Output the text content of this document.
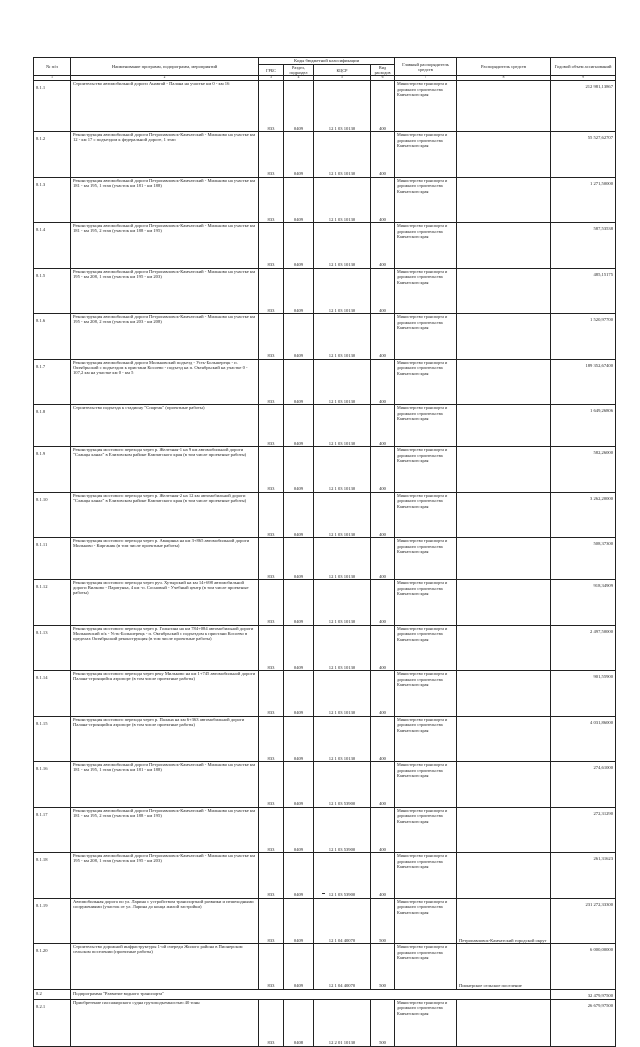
№ п/п	Наименование программ, подпрограмм, мероприятий	Коды бюджетной классификации				Главный распорядитель средств	Распорядитель средств	Годовой объем ассигнований
		ГРБС	Раздел, подраздел	КЦСР	Вид расходов			
1	2	3	4	5	6	7	8	9
8.1.1	Строительство автомобильной дороги Анавгай - Палана на участке км 0 - км 16	833	0409	12 1 03 10130	400	Министерство транспорта и дорожного строительства Камчатского края		212 981,13867
8.1.2	Реконструкция автомобильной дороги Петропавловск-Камчатский - Мильково на участке км 12 - км 17 с подъездом к федеральной дороге, 1 этап	833	0409	12 1 03 10130	400	Министерство транспорта и дорожного строительства Камчатского края		55 527,62707
8.1.3	Реконструкция автомобильной дороги Петропавловск-Камчатский - Мильково на участке км 181 - км 195, 1 этап (участок км 181 - км 188)	833	0409	12 1 03 10130	400	Министерство транспорта и дорожного строительства Камчатского края		1 271,50000
8.1.4	Реконструкция автомобильной дороги Петропавловск-Камчатский - Мильково на участке км 181 - км 195, 2 этап (участок км 188 - км 195)	833	0409	12 1 03 10130	400	Министерство транспорта и дорожного строительства Камчатского края		587,53538
8.1.5	Реконструкция автомобильной дороги Петропавловск-Камчатский - Мильково на участке км 195 - км 208, 1 этап (участок км 195 - км 203)	833	0409	12 1 03 10130	400	Министерство транспорта и дорожного строительства Камчатского края		485,15175
8.1.6	Реконструкция автомобильной дороги Петропавловск-Камчатский - Мильково на участке км 195 - км 208, 2 этап (участок км 203 - км 208)	833	0409	12 1 03 10130	400	Министерство транспорта и дорожного строительства Камчатского края		1 520,97700
8.1.7	Реконструкция автомобильной дороги Мильковский подъезд - Усть-Большерецк - п. Октябрьский с подъездом к пристани Косоево - подъезд на п. Октябрьский на участке 0 - 107,2 км на участке км 0 - км 5	833	0409	12 1 03 10130	400	Министерство транспорта и дорожного строительства Камчатского края		189 352,67400
8.1.8	Строительство подъезда к стадиону "Спартак" (проектные работы)	833	0409	12 1 03 10130	400	Министерство транспорта и дорожного строительства Камчатского края		1 649,26806
8.1.9	Реконструкция мостового перехода через р. Железная-1 на 9 км автомобильной дороги "Сланцы канал" в Елизовском районе Камчатского края (в том числе проектные работы)	833	0409	12 1 03 10130	400	Министерство транспорта и дорожного строительства Камчатского края		582,26000
8.1.10	Реконструкция мостового перехода через р. Железная-2 на 12 км автомобильной дороги "Сланцы канал" в Елизовском районе Камчатского края (в том числе проектные работы)	833	0409	12 1 03 10130	400	Министерство транспорта и дорожного строительства Камчатского края		3 262,20000
8.1.11	Реконструкция мостового перехода через р. Авацинка на км 3+865 автомобильной дороги Мильково - Кирганик (в том числе проектные работы)	833	0409	12 1 03 10130	400	Министерство транспорта и дорожного строительства Камчатского края		508,37300
8.1.12	Реконструкция мостового перехода через руч. Хутырский на км 14+698 автомобильной дороги Вилково - Паратунка, 4 км -п. Сосновый - Учебный центр (в том числе проектные работы)	833	0409	12 1 03 10130	400	Министерство транспорта и дорожного строительства Камчатского края		918,34909
8.1.13	Реконструкция мостового перехода через р. Голыгина на км 784+084 автомобильной дороги Мильковский п/к - Усть-Большерецк - п. Октябрьский с подъездом к пристани Косоево в пределах Октябрьский реконструкция (в том числе проектные работы)	833	0409	12 1 03 10130	400	Министерство транспорта и дорожного строительства Камчатского края		2 497,50000
8.1.14	Реконструкция мостового перехода через реку Мильково на км 1+745 автомобильной дороги Палана-строящийся аэропорт (в том числе проектные работы)	833	0409	12 1 03 10130	400	Министерство транспорта и дорожного строительства Камчатского края		901,55900
8.1.15	Реконструкция мостового перехода через р. Палана на км 6+363 автомобильной дороги Палана-строящийся аэропорт (в том числе проектные работы)	833	0409	12 1 03 10130	400	Министерство транспорта и дорожного строительства Камчатского края		4 031,86000
8.1.16	Реконструкция автомобильной дороги Петропавловск-Камчатский - Мильково на участке км 181 - км 195, 1 этап (участок км 181 - км 188)	833	0409	12 1 03 53900	400	Министерство транспорта и дорожного строительства Камчатского края		274,61000
8.1.17	Реконструкция автомобильной дороги Петропавловск-Камчатский - Мильково на участке км 181 - км 195, 2 этап (участок км 188 - км 195)	833	0409	12 1 03 53900	400	Министерство транспорта и дорожного строительства Камчатского края		272,31290
8.1.18	Реконструкция автомобильной дороги Петропавловск-Камчатский - Мильково на участке км 195 - км 208, 1 этап (участок км 195 - км 203)	833	0409	12 1 03 53900	400	Министерство транспорта и дорожного строительства Камчатского края		261,31623
8.1.19	Автомобильная дорога по ул. Ларина с устройством транспортной развязки и пешеходными сооружениями (участок от ул. Ларина до конца жилой застройки)	833	0409	12 1 04 40070	500	Министерство транспорта и дорожного строительства Камчатского края	Петропавловск-Камчатский городской округ	231 272,33300
8.1.20	Строительство дорожной инфраструктуры 1-ой очереди Жилого района в Пионерском сельском поселении (проектные работы)	833	0409	12 1 04 40070	500	Министерство транспорта и дорожного строительства Камчатского края	Пионерское сельское поселение	6 000,00000
8.2	Подпрограмма "Развитие водного транспорта"							32 479,97500
8.2.1	Приобретение пассажирского судна грузоподъемностью 40 тонн	833	0408	12 2 01 10130	500	Министерство транспорта и дорожного строительства Камчатского края		26 679,97500
